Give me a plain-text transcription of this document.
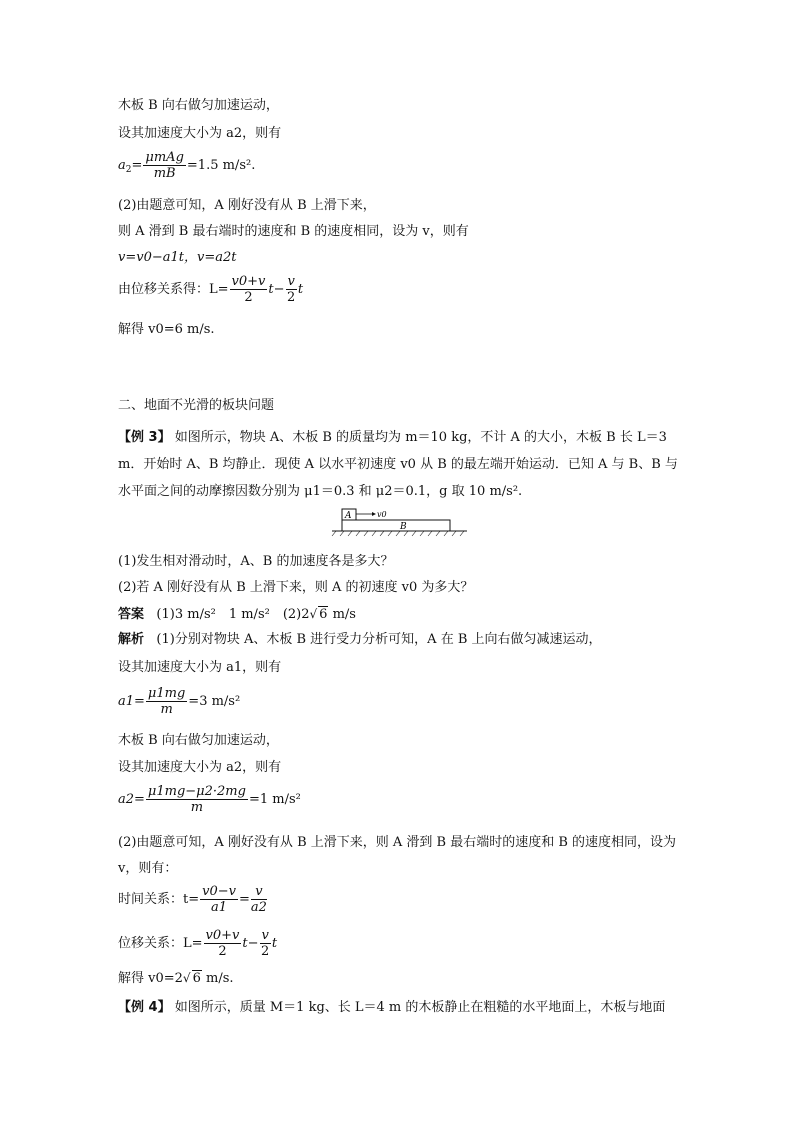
木板 B 向右做匀加速运动，
设其加速度大小为 a2，则有
$a_2= \frac{\text{μmAg}}{mB} =1.5$ m/s².
(2)由题意可知，A 刚好没有从 B 上滑下来，
则 A 滑到 B 最右端时的速度和 B 的速度相同，设为 v，则有
v=v0−a1t，v=a2t
由位移关系得：$L= \frac{v0+v}{2} t- \frac{v}{2}$ t
解得 v0=6 m/s.
二、地面不光滑的板块问题
【例 3】 如图所示，物块 A、木板 B 的质量均为 m＝10 kg，不计 A 的大小，木板 B 长 L＝3 m．开始时 A、B 均静止．现使 A 以水平初速度 v0 从 B 的最左端开始运动．已知 A 与 B、B 与水平面之间的动摩擦因数分别为 μ1＝0.3 和 μ2＝0.1，g 取 10 m/s².
A	v0
B
(1)发生相对滑动时，A、B 的加速度各是多大？
(2)若 A 刚好没有从 B 上滑下来，则 A 的初速度 v0 为多大？
答案 (1)3 m/s²　1 m/s²　(2)2√ 6 m/s
解析 (1)分别对物块 A、木板 B 进行受力分析可知，A 在 B 上向右做匀减速运动，
设其加速度大小为 a1，则有
$a1= \frac{\mu 1mg}{m} =3$ m/s²
木板 B 向右做匀加速运动，
设其加速度大小为 a2，则有
$a2= \frac{\mu 1mg-\mu 2\cdot 2mg}{m} =1$ m/s²
(2)由题意可知，A 刚好没有从 B 上滑下来，则 A 滑到 B 最右端时的速度和 B 的速度相同，设为 v，则有：
时间关系：$t= \frac{v0-v}{a1} = \frac{v}{a2}$
位移关系：$L= \frac{v0+v}{2} t- \frac{v}{2}$ t
解得 v0=2√ 6 m/s.
【例 4】 如图所示，质量 M＝1 kg、长 L＝4 m 的木板静止在粗糙的水平地面上，木板与地面
